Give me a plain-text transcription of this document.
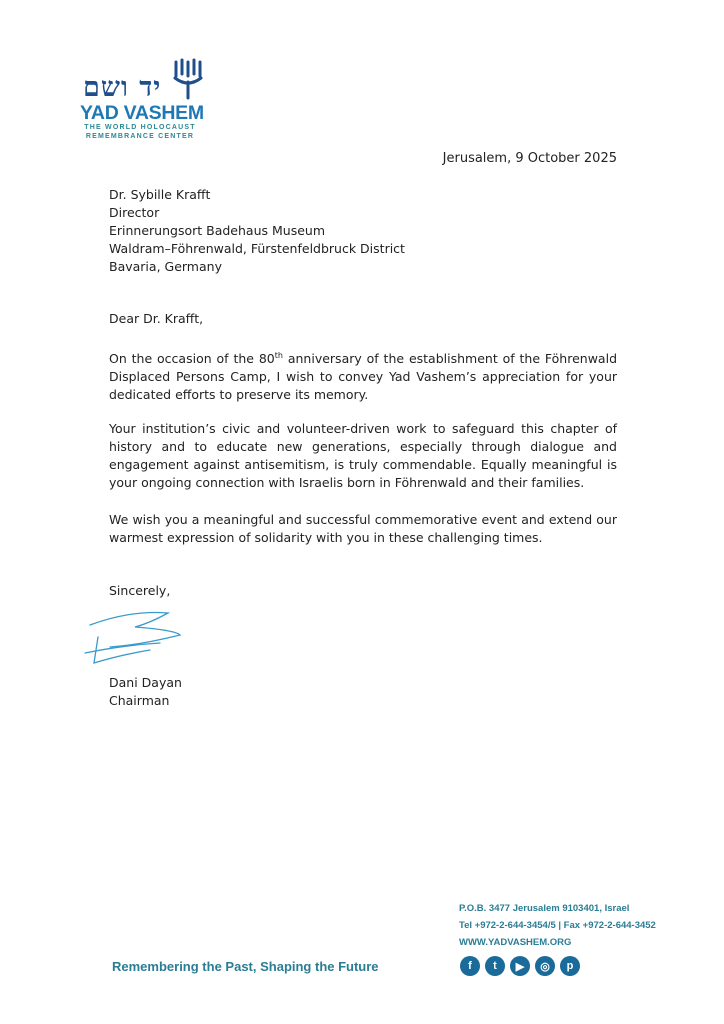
יד ושם
YAD VASHEM
THE WORLD HOLOCAUST
REMEMBRANCE CENTER
Jerusalem, 9 October 2025
Dr. Sybille Krafft
Director
Erinnerungsort Badehaus Museum
Waldram–Föhrenwald, Fürstenfeldbruck District
Bavaria, Germany
Dear Dr. Krafft,
On the occasion of the 80th anniversary of the establishment of the Föhrenwald Displaced Persons Camp, I wish to convey Yad Vashem’s appreciation for your dedicated efforts to preserve its memory.
Your institution’s civic and volunteer-driven work to safeguard this chapter of history and to educate new generations, especially through dialogue and engagement against antisemitism, is truly commendable. Equally meaningful is your ongoing connection with Israelis born in Föhrenwald and their families.
We wish you a meaningful and successful commemorative event and extend our warmest expression of solidarity with you in these challenging times.
Sincerely,
Dani Dayan
Chairman
P.O.B. 3477 Jerusalem 9103401, Israel
Tel +972-2-644-3454/5 | Fax +972-2-644-3452
WWW.YADVASHEM.ORG
Remembering the Past, Shaping the Future	f	t	▶	◎	p
